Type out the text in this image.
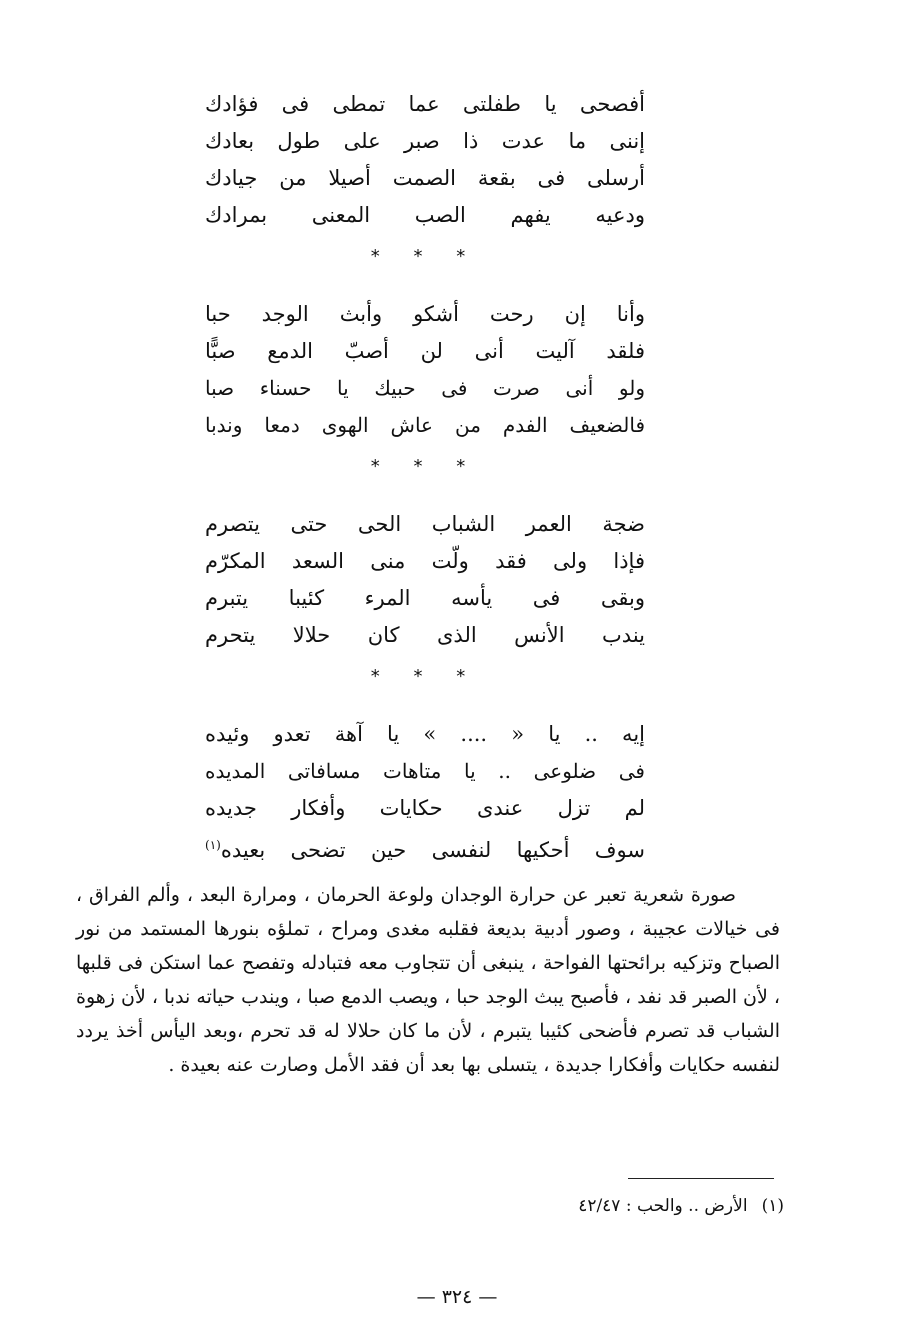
أفصحى يا طفلتى عما تمطى فى فؤادك
إننى ما عدت ذا صبر على طول بعادك
أرسلى فى بقعة الصمت أصيلا من جيادك
ودعيه يفهم الصب المعنى بمرادك
* * *
وأنا إن رحت أشكو وأبث الوجد حبا
فلقد آليت أنى لن أصبّ الدمع صبًّا
ولو أنى صرت فى حبيك يا حسناء صبا
فالضعيف الفدم من عاش الهوى دمعا وندبا
* * *
ضجة العمر الشباب الحى حتى يتصرم
فإذا ولى فقد ولّت منى السعد المكرّم
وبقى فى يأسه المرء كئيبا يتبرم
يندب الأنس الذى كان حلالا يتحرم
* * *
إيه .. يا « .... » يا آهة تعدو وئيده
فى ضلوعى .. يا متاهات مسافاتى المديده
لم تزل عندى حكايات وأفكار جديده
سوف أحكيها لنفسى حين تضحى بعيده$^{(١)}$

صورة شعرية تعبر عن حرارة الوجدان ولوعة الحرمان ، ومرارة البعد ، وألم الفراق ، فى خيالات عجيبة ، وصور أدبية بديعة فقلبه مغدى ومراح ، تملؤه بنورها المستمد من نور الصباح وتزكيه برائحتها الفواحة ، ينبغى أن تتجاوب معه فتبادله وتفصح عما استكن فى قلبها ، لأن الصبر قد نفد ، فأصبح يبث الوجد حبا ، ويصب الدمع صبا ، ويندب حياته ندبا ، لأن زهوة الشباب قد تصرم فأضحى كئيبا يتبرم ، لأن ما كان حلالا له قد تحرم ،وبعد اليأس أخذ يردد لنفسه حكايات وأفكارا جديدة ، يتسلى بها بعد أن فقد الأمل وصارت عنه بعيدة .

(١)الأرض .. والحب : ٤٢/٤٧
— ٣٢٤ —
